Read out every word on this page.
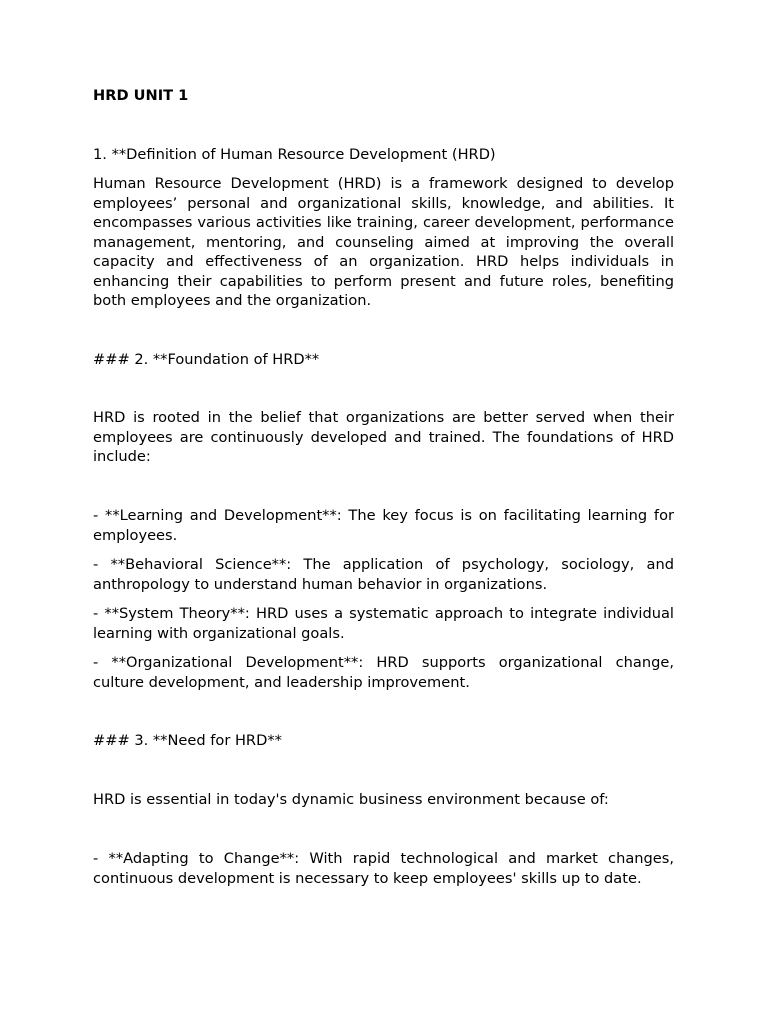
HRD UNIT 1

1. **Definition of Human Resource Development (HRD)

Human Resource Development (HRD) is a framework designed to develop employees’ personal and organizational skills, knowledge, and abilities. It encompasses various activities like training, career development, performance management, mentoring, and counseling aimed at improving the overall capacity and effectiveness of an organization. HRD helps individuals in enhancing their capabilities to perform present and future roles, benefiting both employees and the organization.

### 2. **Foundation of HRD**

HRD is rooted in the belief that organizations are better served when their employees are continuously developed and trained. The foundations of HRD include:

- **Learning and Development**: The key focus is on facilitating learning for employees.

- **Behavioral Science**: The application of psychology, sociology, and anthropology to understand human behavior in organizations.

- **System Theory**: HRD uses a systematic approach to integrate individual learning with organizational goals.

- **Organizational Development**: HRD supports organizational change, culture development, and leadership improvement.

### 3. **Need for HRD**

HRD is essential in today's dynamic business environment because of:

- **Adapting to Change**: With rapid technological and market changes, continuous development is necessary to keep employees' skills up to date.
